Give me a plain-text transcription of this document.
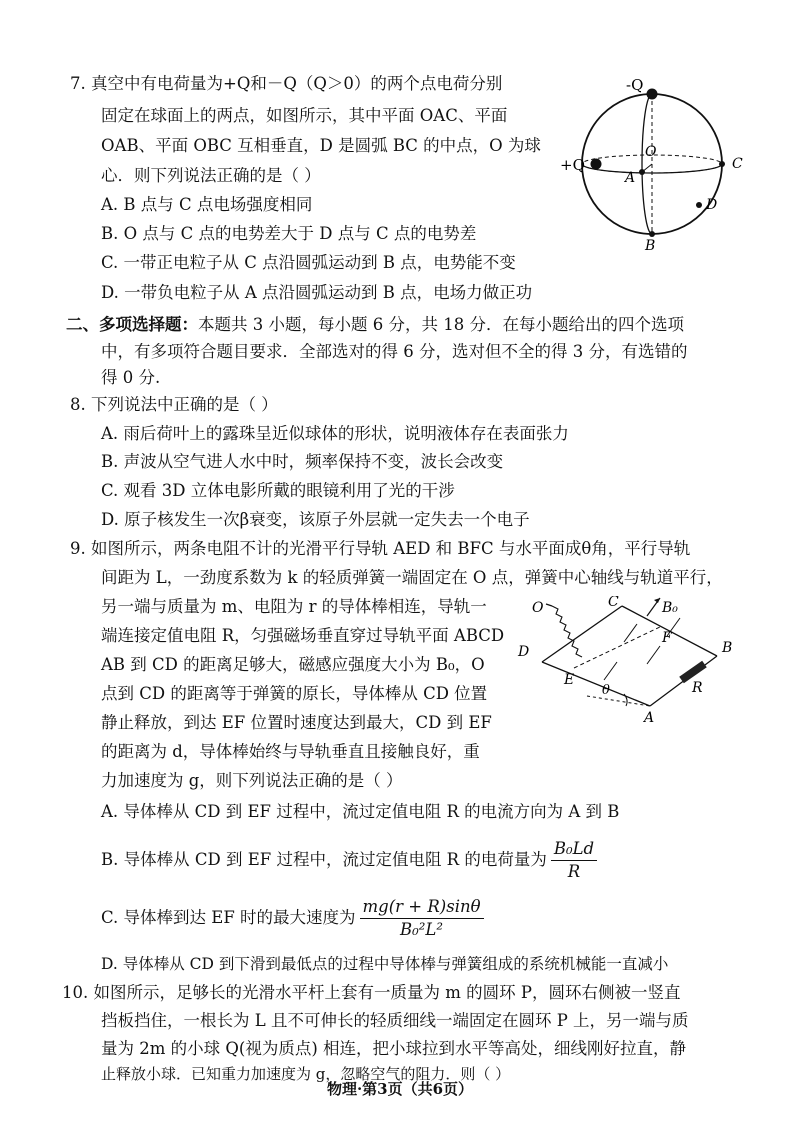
7. 真空中有电荷量为+Q和－Q（Q＞0）的两个点电荷分别
固定在球面上的两点，如图所示，其中平面 OAC、平面
OAB、平面 OBC 互相垂直，D 是圆弧 BC 的中点，O 为球
心．则下列说法正确的是（ ）
A. B 点与 C 点电场强度相同
B. O 点与 C 点的电势差大于 D 点与 C 点的电势差
C. 一带正电粒子从 C 点沿圆弧运动到 B 点，电势能不变
D. 一带负电粒子从 A 点沿圆弧运动到 B 点，电场力做正功
-Q
+Q
O
A
B
C
D
二、多项选择题：本题共 3 小题，每小题 6 分，共 18 分．在每小题给出的四个选项
中，有多项符合题目要求．全部选对的得 6 分，选对但不全的得 3 分，有选错的
得 0 分.
8. 下列说法中正确的是（ ）
A. 雨后荷叶上的露珠呈近似球体的形状，说明液体存在表面张力
B. 声波从空气进人水中时，频率保持不变，波长会改变
C. 观看 3D 立体电影所戴的眼镜利用了光的干涉
D. 原子核发生一次β衰变，该原子外层就一定失去一个电子
9. 如图所示，两条电阻不计的光滑平行导轨 AED 和 BFC 与水平面成θ角，平行导轨
间距为 L，一劲度系数为 k 的轻质弹簧一端固定在 O 点，弹簧中心轴线与轨道平行，
另一端与质量为 m、电阻为 r 的导体棒相连，导轨一
端连接定值电阻 R，匀强磁场垂直穿过导轨平面 ABCD
AB 到 CD 的距离足够大，磁感应强度大小为 B₀，O
点到 CD 的距离等于弹簧的原长，导体棒从 CD 位置
静止释放，到达 EF 位置时速度达到最大，CD 到 EF
的距离为 d，导体棒始终与导轨垂直且接触良好，重
力加速度为 g，则下列说法正确的是（ ）
O	C	B₀
F
D
E
B
R
A
θ
A. 导体棒从 CD 到 EF 过程中，流过定值电阻 R 的电流方向为 A 到 B
B. 导体棒从 CD 到 EF 过程中，流过定值电阻 R 的电荷量为 $\frac{\text{B₀Ld}}{R}$
C. 导体棒到达 EF 时的最大速度为 $\frac{mg(r + R)\sin\theta}{\text{B₀²L²}}$
D. 导体棒从 CD 到下滑到最低点的过程中导体棒与弹簧组成的系统机械能一直减小
10. 如图所示，足够长的光滑水平杆上套有一质量为 m 的圆环 P，圆环右侧被一竖直
挡板挡住，一根长为 L 且不可伸长的轻质细线一端固定在圆环 P 上，另一端与质
量为 2m 的小球 Q(视为质点) 相连，把小球拉到水平等高处，细线刚好拉直，静
物理·第3页（共6页）
止释放小球．已知重力加速度为 g，忽略空气的阻力．则（ ）
